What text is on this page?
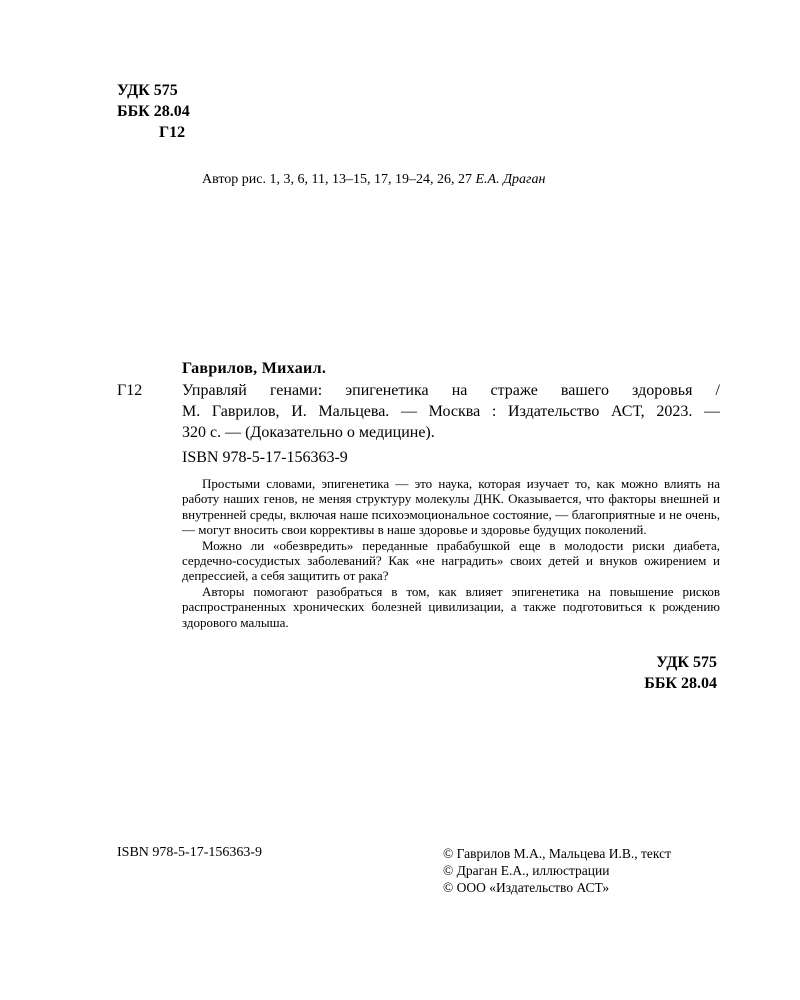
УДК 575
ББК 28.04
Г12
Автор рис. 1, 3, 6, 11, 13–15, 17, 19–24, 26, 27 Е.А. Драган
Гаврилов, Михаил.
Г12 Управляй генами: эпигенетика на страже вашего здоровья /
М. Гаврилов, И. Мальцева. — Москва : Издательство АСТ, 2023. —
320 с. — (Доказательно о медицине).
ISBN 978-5-17-156363-9

Простыми словами, эпигенетика — это наука, которая изучает то, как можно влиять на работу наших генов, не меняя структуру молекулы ДНК. Оказывается, что факторы внешней и внутренней среды, включая наше психоэмоциональное состояние, — благоприятные и не очень, — могут вносить свои коррективы в наше здоровье и здоровье будущих поколений.

Можно ли «обезвредить» переданные прабабушкой еще в молодости риски диабета, сердечно-сосудистых заболеваний? Как «не наградить» своих детей и внуков ожирением и депрессией, а себя защитить от рака?

Авторы помогают разобраться в том, как влияет эпигенетика на повышение рисков распространенных хронических болезней цивилизации, а также подготовиться к рождению здорового малыша.

УДК 575
ББК 28.04
ISBN 978-5-17-156363-9	© Гаврилов М.А., Мальцева И.В., текст
© Драган Е.А., иллюстрации
© ООО «Издательство АСТ»
